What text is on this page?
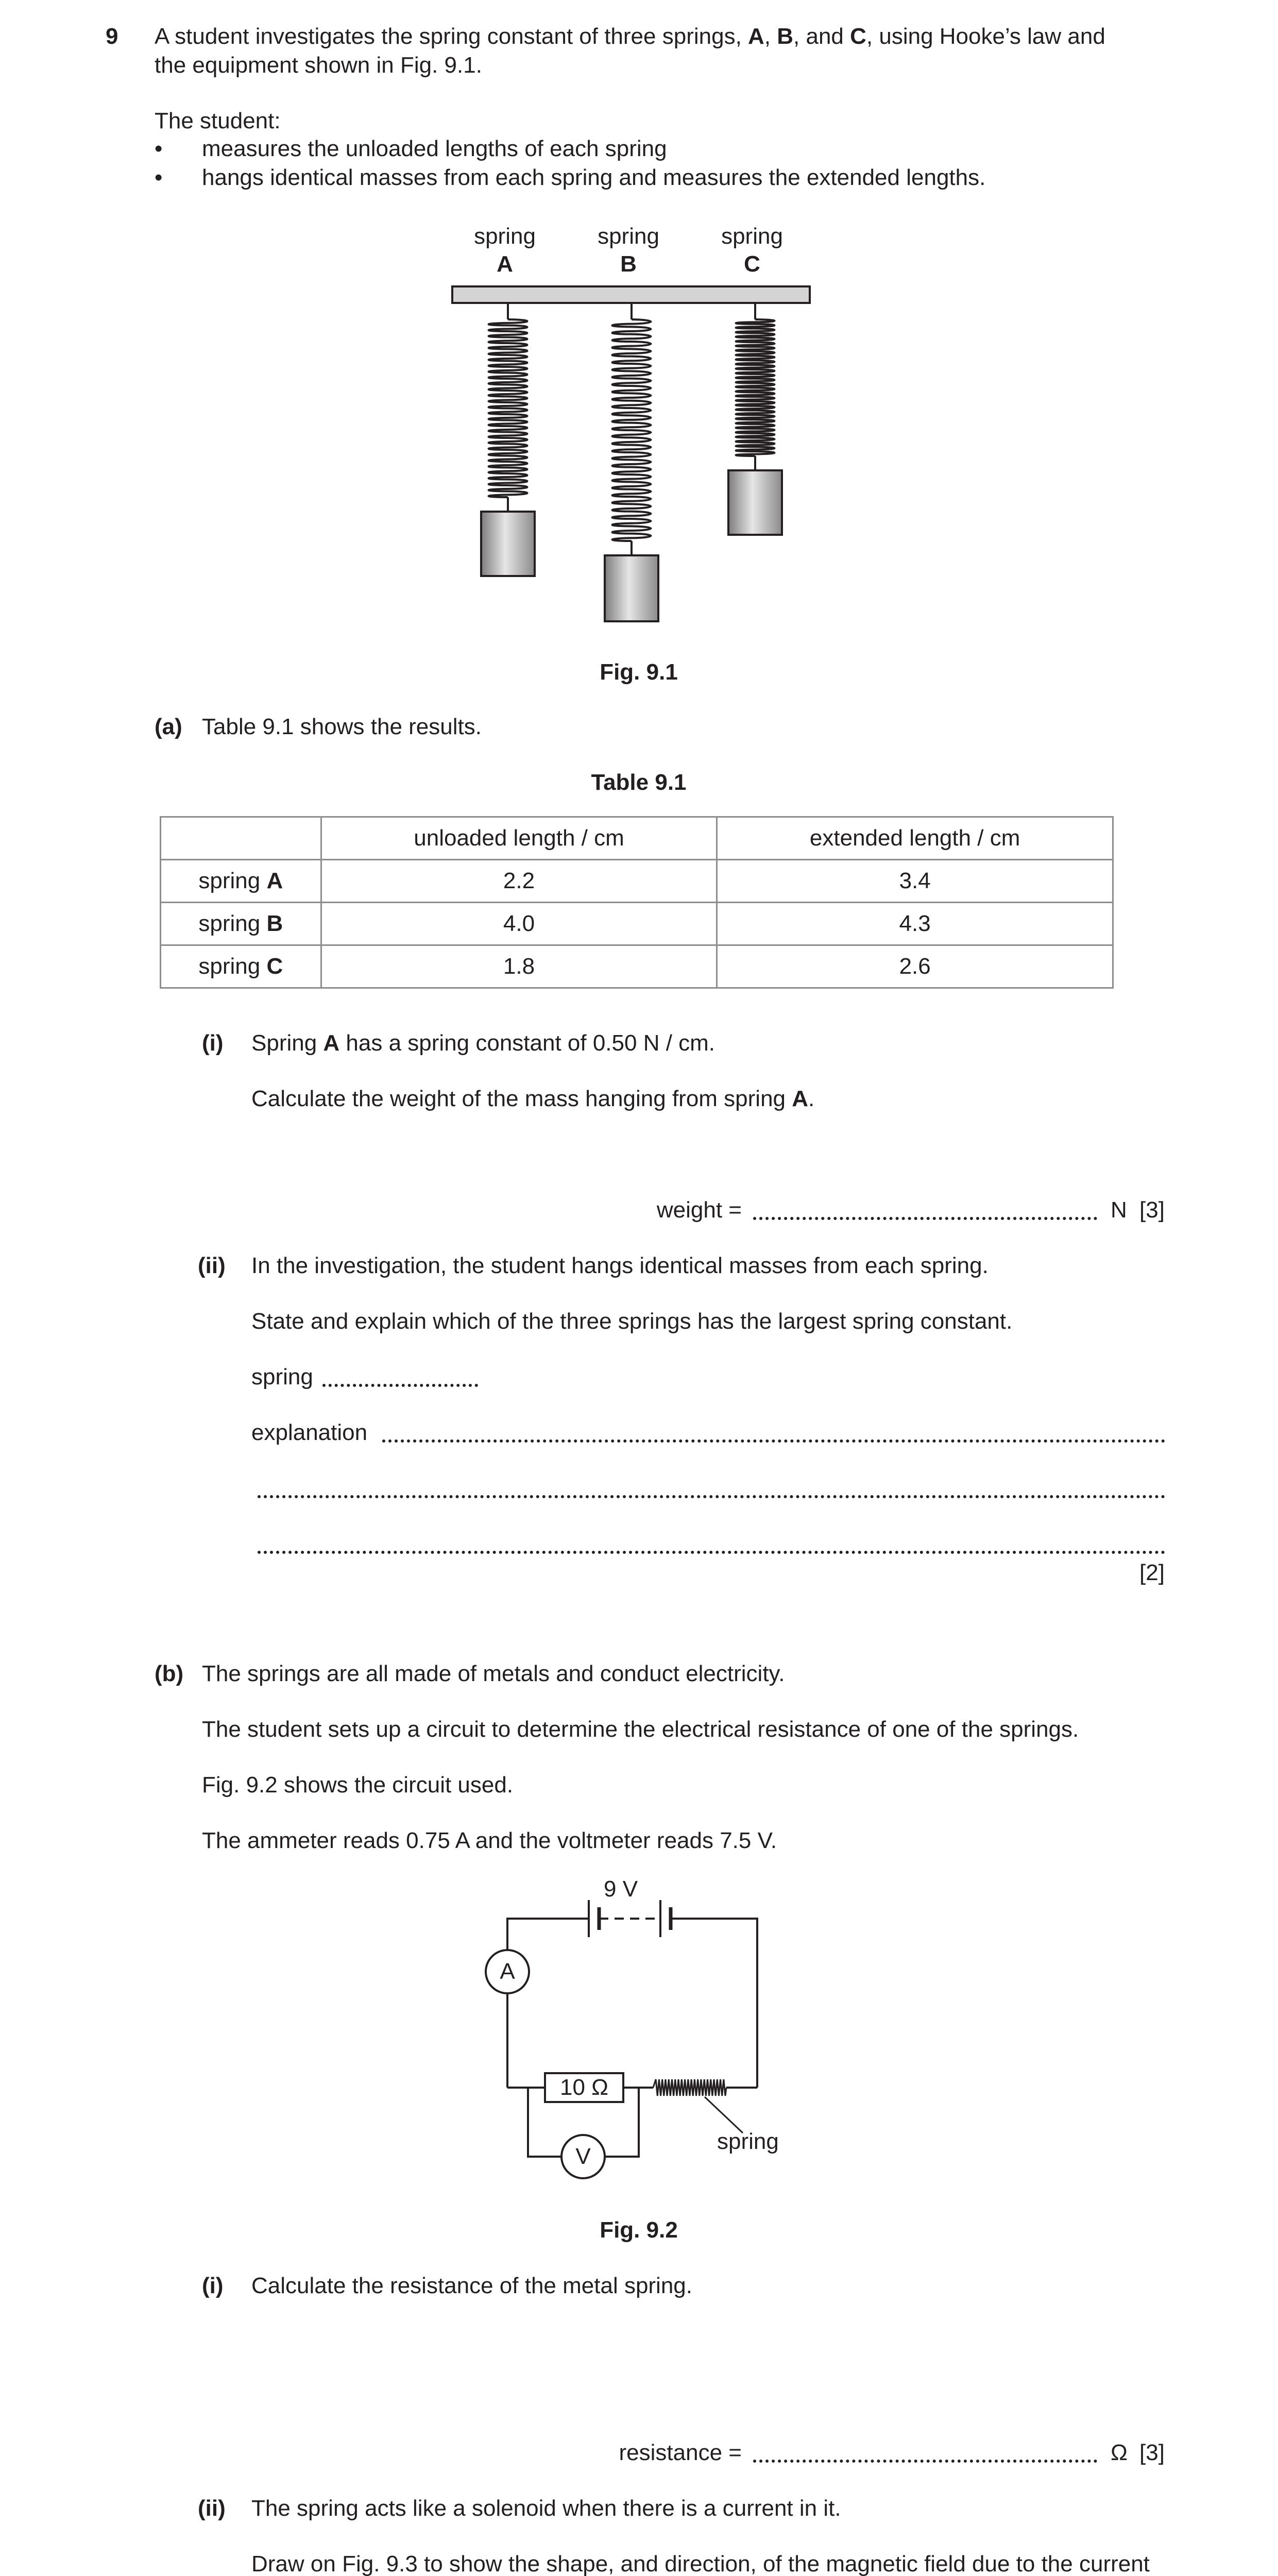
9 A student investigates the spring constant of three springs, A, B, and C, using Hooke’s law and
the equipment shown in Fig. 9.1.
The student:
• measures the unloaded lengths of each spring
• hangs identical masses from each spring and measures the extended lengths.
spring
A
spring
B
spring
C
Fig. 9.1
(a) Table 9.1 shows the results.
Table 9.1
	unloaded length / cm	extended length / cm
spring A	2.2	3.4
spring B	4.0	4.3
spring C	1.8	2.6
(i) Spring A has a spring constant of 0.50 N / cm.
Calculate the weight of the mass hanging from spring A.
weight =	N [3]
(ii) In the investigation, the student hangs identical masses from each spring.
State and explain which of the three springs has the largest spring constant.
spring
explanation
[2]
(b) The springs are all made of metals and conduct electricity.
The student sets up a circuit to determine the electrical resistance of one of the springs.
Fig. 9.2 shows the circuit used.
The ammeter reads 0.75 A and the voltmeter reads 7.5 V.
9 V
A
10 Ω
V
spring
Fig. 9.2
(i) Calculate the resistance of the metal spring.
resistance =	Ω [3]
(ii) The spring acts like a solenoid when there is a current in it.
Draw on Fig. 9.3 to show the shape, and direction, of the magnetic field due to the current
